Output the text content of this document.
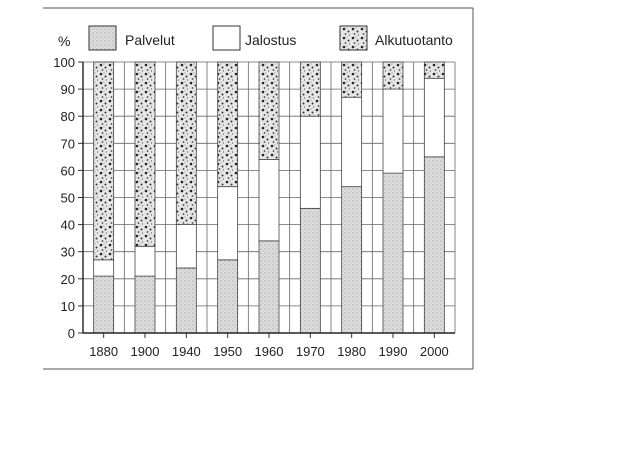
%	Palvelut	Jalostus	Alkutuotanto
0
10
20
30
40
50
60
70
80
90
100
1880 1900 1940 1950 1960 1970 1980 1990 2000
